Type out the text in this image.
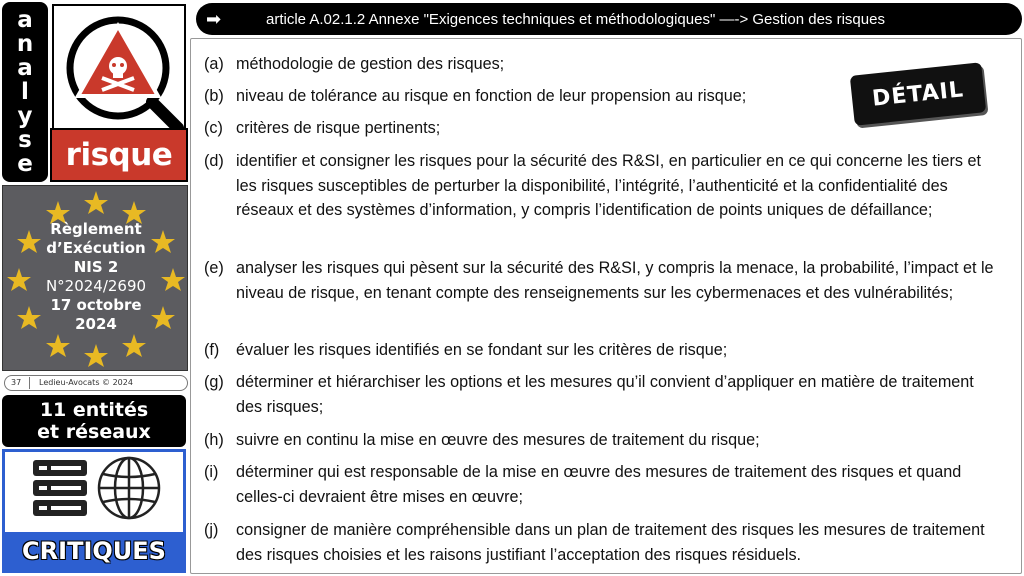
a
n
a
l
y
s
e	risque
Règlement
d’Exécution
NIS 2
N°2024/2690
17 octobre
2024
37 Ledieu-Avocats © 2024
11 entités
et réseaux
CRITIQUES
➡	article A.02.1.2 Annexe "Exigences techniques et méthodologiques" —-> Gestion des risques
DÉTAIL
(a) méthodologie de gestion des risques;
(b) niveau de tolérance au risque en fonction de leur propension au risque;
(c) critères de risque pertinents;
(d) identifier et consigner les risques pour la sécurité des R&SI, en particulier en ce qui concerne les tiers et les risques susceptibles de perturber la disponibilité, l’intégrité, l’authenticité et la confidentialité des réseaux et des systèmes d’information, y compris l’identification de points uniques de défaillance;
(e) analyser les risques qui pèsent sur la sécurité des R&SI, y compris la menace, la probabilité, l’impact et le niveau de risque, en tenant compte des renseignements sur les cybermenaces et des vulnérabilités;
(f)	évaluer les risques identifiés en se fondant sur les critères de risque;
(g) déterminer et hiérarchiser les options et les mesures qu’il convient d’appliquer en matière de traitement des risques;
(h) suivre en continu la mise en œuvre des mesures de traitement du risque;
(i)	déterminer qui est responsable de la mise en œuvre des mesures de traitement des risques et quand celles-ci devraient être mises en œuvre;
(j)	consigner de manière compréhensible dans un plan de traitement des risques les mesures de traitement des risques choisies et les raisons justifiant l’acceptation des risques résiduels.
